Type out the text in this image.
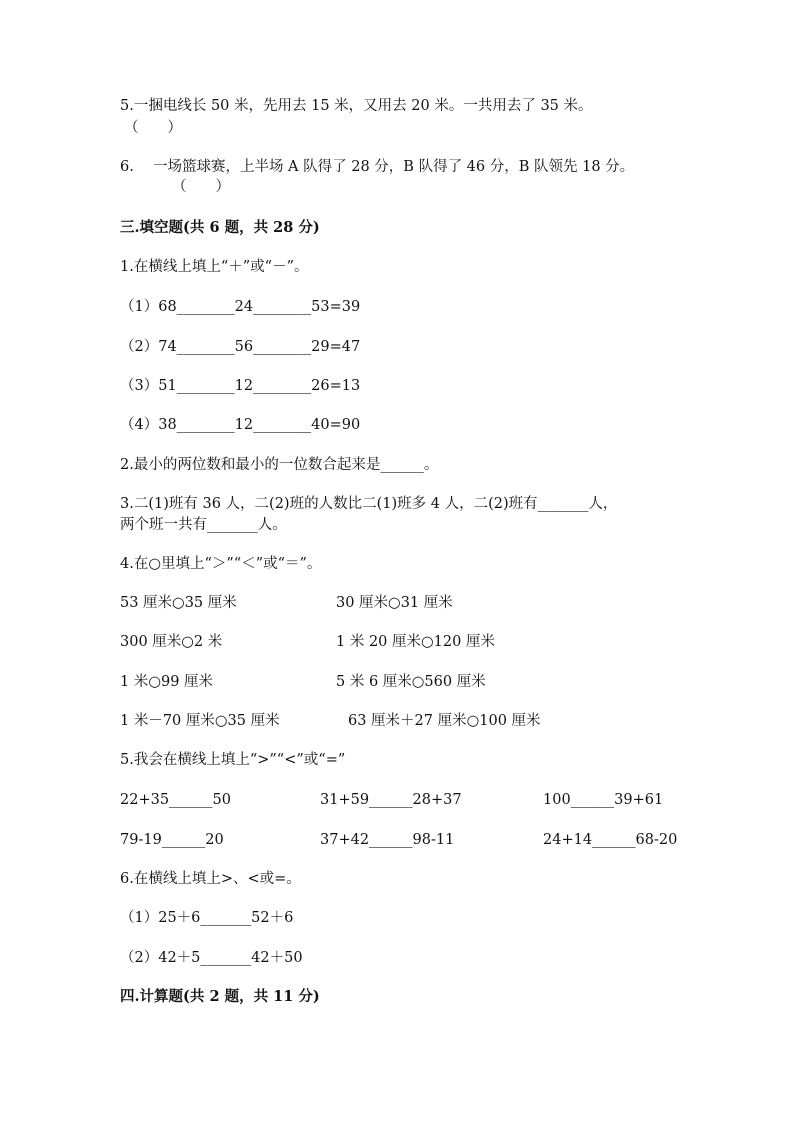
5.一捆电线长 50 米，先用去 15 米，又用去 20 米。一共用去了 35 米。
（　　）
6.　 一场篮球赛，上半场 A 队得了 28 分，B 队得了 46 分，B 队领先 18 分。
（　　）
三.填空题(共 6 题，共 28 分)
1.在横线上填上“＋”或“－”。
（1）68________24________53=39
（2）74________56________29=47
（3）51________12________26=13
（4）38________12________40=90
2.最小的两位数和最小的一位数合起来是______。
3.二(1)班有 36 人，二(2)班的人数比二(1)班多 4 人，二(2)班有_______人，
两个班一共有_______人。
4.在○里填上“＞”“＜”或“＝”。
53 厘米○35 厘米	30 厘米○31 厘米
300 厘米○2 米	1 米 20 厘米○120 厘米
1 米○99 厘米	5 米 6 厘米○560 厘米
1 米－70 厘米○35 厘米	63 厘米＋27 厘米○100 厘米
5.我会在横线上填上“>”“<”或“=”
22+35______50	31+59______28+37	100______39+61
79-19______20	37+42______98-11	24+14______68-20
6.在横线上填上>、<或=。
（1）25＋6_______52＋6
（2）42＋5_______42＋50
四.计算题(共 2 题，共 11 分)
